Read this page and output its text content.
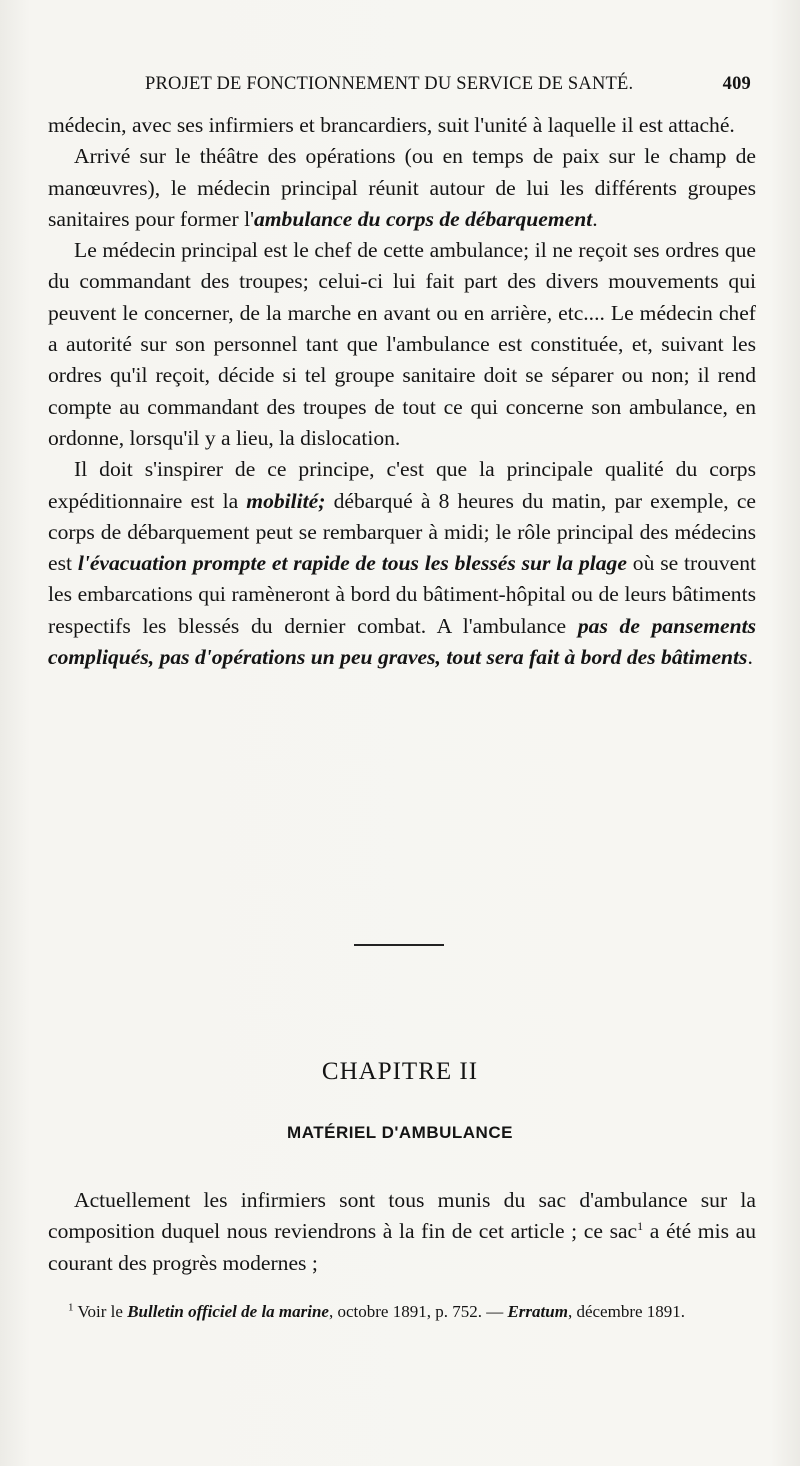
PROJET DE FONCTIONNEMENT DU SERVICE DE SANTÉ.	409

médecin, avec ses infirmiers et brancardiers, suit l'unité à laquelle il est attaché.

Arrivé sur le théâtre des opérations (ou en temps de paix sur le champ de manœuvres), le médecin principal réunit autour de lui les différents groupes sanitaires pour former l'ambulance du corps de débarquement.

Le médecin principal est le chef de cette ambulance; il ne reçoit ses ordres que du commandant des troupes; celui-ci lui fait part des divers mouvements qui peuvent le concerner, de la marche en avant ou en arrière, etc.... Le médecin chef a autorité sur son personnel tant que l'ambulance est constituée, et, suivant les ordres qu'il reçoit, décide si tel groupe sanitaire doit se séparer ou non; il rend compte au commandant des troupes de tout ce qui concerne son ambulance, en ordonne, lorsqu'il y a lieu, la dislocation.

Il doit s'inspirer de ce principe, c'est que la principale qualité du corps expéditionnaire est la mobilité; débarqué à 8 heures du matin, par exemple, ce corps de débarquement peut se rembarquer à midi; le rôle principal des médecins est l'évacuation prompte et rapide de tous les blessés sur la plage où se trouvent les embarcations qui ramèneront à bord du bâtiment-hôpital ou de leurs bâtiments respectifs les blessés du dernier combat. A l'ambulance pas de pansements compliqués, pas d'opérations un peu graves, tout sera fait à bord des bâtiments.

CHAPITRE II
MATÉRIEL D'AMBULANCE

Actuellement les infirmiers sont tous munis du sac d'ambulance sur la composition duquel nous reviendrons à la fin de cet article ; ce sac$^1$ a été mis au courant des progrès modernes ;

$^1$ Voir le Bulletin officiel de la marine, octobre 1891, p. 752. — Erratum, décembre 1891.
